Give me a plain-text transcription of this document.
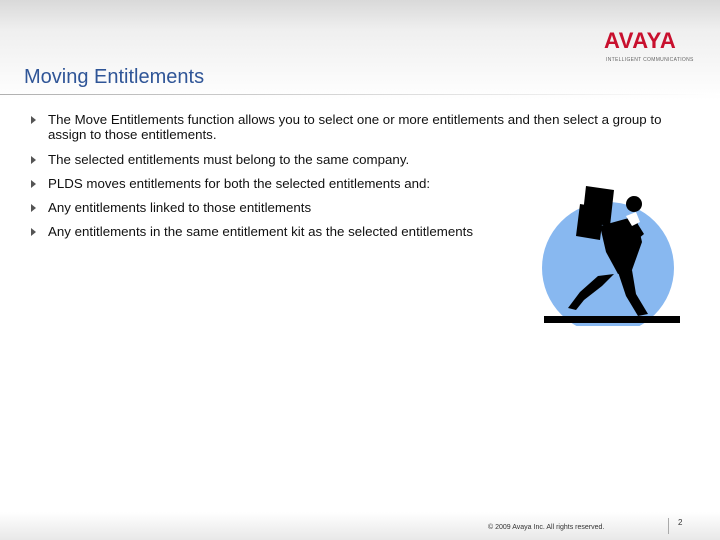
AVAYA
INTELLIGENT COMMUNICATIONS
Moving Entitlements
The Move Entitlements function allows you to select one or more entitlements and then select a group to assign to those entitlements.
The selected entitlements must belong to the same company.
PLDS moves entitlements for both the selected entitlements and:
Any entitlements linked to those entitlements
Any entitlements in the same entitlement kit as the selected entitlements
© 2009 Avaya Inc. All rights reserved.
2
